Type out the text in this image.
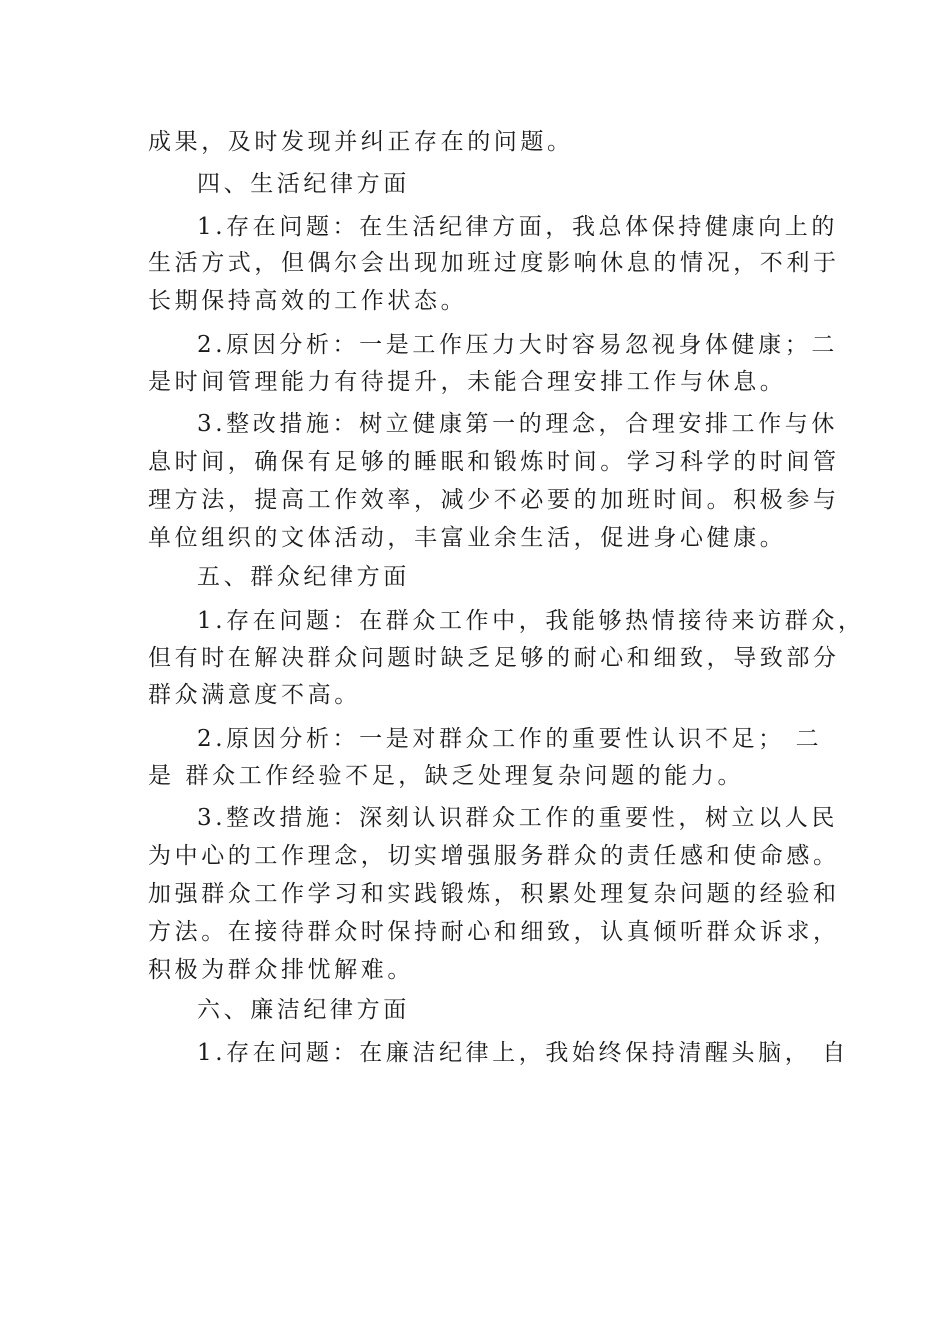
成果，及时发现并纠正存在的问题。
四、生活纪律方面
1.存在问题：在生活纪律方面，我总体保持健康向上的
生活方式，但偶尔会出现加班过度影响休息的情况，不利于
长期保持高效的工作状态。
2.原因分析：一是工作压力大时容易忽视身体健康；二
是时间管理能力有待提升，未能合理安排工作与休息。
3.整改措施：树立健康第一的理念，合理安排工作与休
息时间，确保有足够的睡眠和锻炼时间。学习科学的时间管
理方法，提高工作效率，减少不必要的加班时间。积极参与
单位组织的文体活动，丰富业余生活，促进身心健康。
五、群众纪律方面
1.存在问题：在群众工作中，我能够热情接待来访群众，
但有时在解决群众问题时缺乏足够的耐心和细致，导致部分
群众满意度不高。
2.原因分析：一是对群众工作的重要性认识不足； 二
是 群众工作经验不足，缺乏处理复杂问题的能力。
3.整改措施：深刻认识群众工作的重要性，树立以人民
为中心的工作理念，切实增强服务群众的责任感和使命感。
加强群众工作学习和实践锻炼，积累处理复杂问题的经验和
方法。在接待群众时保持耐心和细致，认真倾听群众诉求，
积极为群众排忧解难。
六、廉洁纪律方面
1.存在问题：在廉洁纪律上，我始终保持清醒头脑， 自
